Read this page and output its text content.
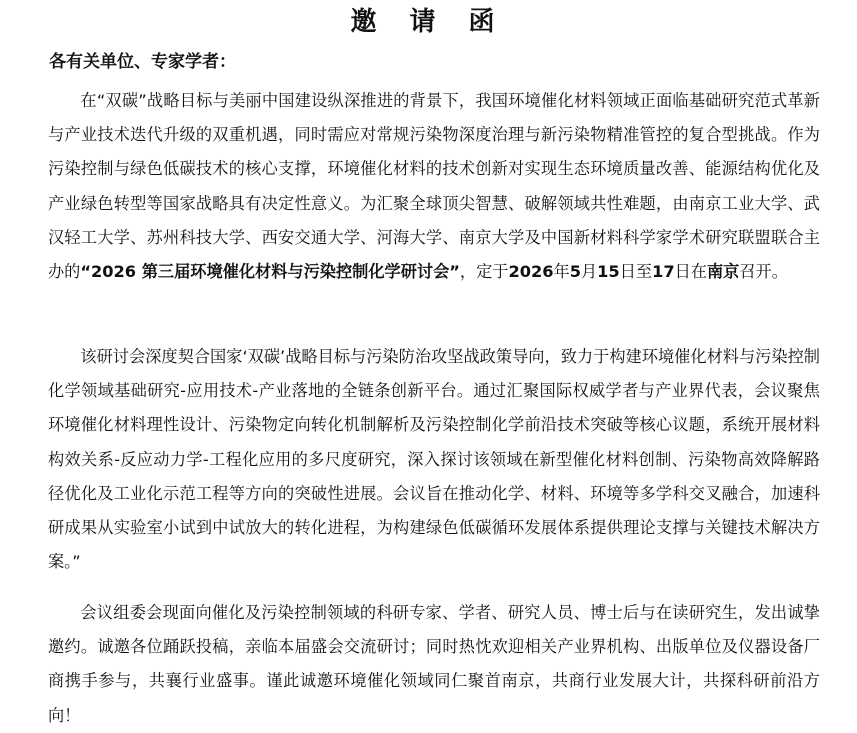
邀 请 函
各有关单位、专家学者：

在“双碳”战略目标与美丽中国建设纵深推进的背景下，我国环境催化材料领域正面临基础研究范式革新与产业技术迭代升级的双重机遇，同时需应对常规污染物深度治理与新污染物精准管控的复合型挑战。作为污染控制与绿色低碳技术的核心支撑，环境催化材料的技术创新对实现生态环境质量改善、能源结构优化及产业绿色转型等国家战略具有决定性意义。为汇聚全球顶尖智慧、破解领域共性难题，由南京工业大学、武汉轻工大学、苏州科技大学、西安交通大学、河海大学、南京大学及中国新材料科学家学术研究联盟联合主办的“2026 第三届环境催化材料与污染控制化学研讨会”，定于2026年5月15日至17日在南京召开。

该研讨会深度契合国家‘双碳’战略目标与污染防治攻坚战政策导向，致力于构建环境催化材料与污染控制化学领域基础研究-应用技术-产业落地的全链条创新平台。通过汇聚国际权威学者与产业界代表，会议聚焦环境催化材料理性设计、污染物定向转化机制解析及污染控制化学前沿技术突破等核心议题，系统开展材料构效关系-反应动力学-工程化应用的多尺度研究，深入探讨该领域在新型催化材料创制、污染物高效降解路径优化及工业化示范工程等方向的突破性进展。会议旨在推动化学、材料、环境等多学科交叉融合，加速科研成果从实验室小试到中试放大的转化进程，为构建绿色低碳循环发展体系提供理论支撑与关键技术解决方案。”

会议组委会现面向催化及污染控制领域的科研专家、学者、研究人员、博士后与在读研究生，发出诚挚邀约。诚邀各位踊跃投稿，亲临本届盛会交流研讨；同时热忱欢迎相关产业界机构、出版单位及仪器设备厂商携手参与，共襄行业盛事。谨此诚邀环境催化领域同仁聚首南京，共商行业发展大计，共探科研前沿方向！
